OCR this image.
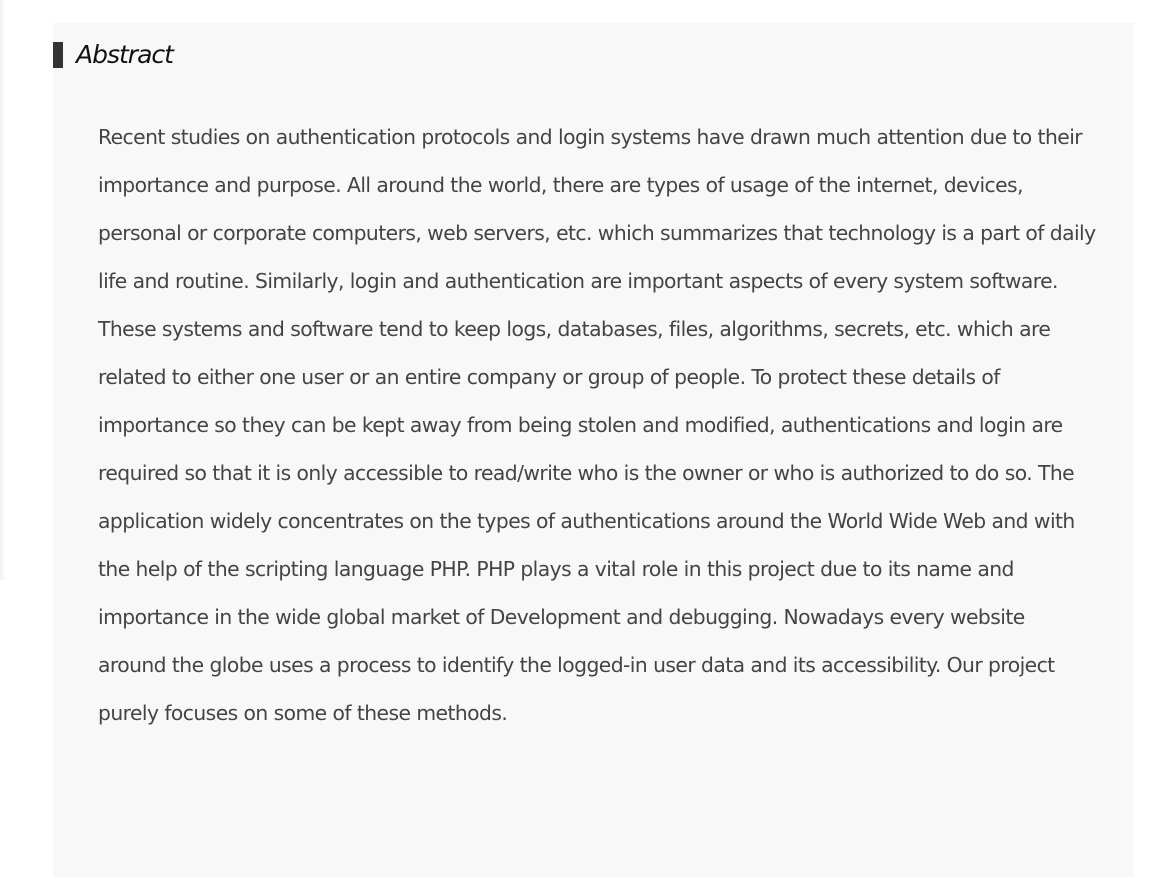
Abstract

Recent studies on authentication protocols and login systems have drawn much attention due to their importance and purpose. All around the world, there are types of usage of the internet, devices, personal or corporate computers, web servers, etc. which summarizes that technology is a part of daily life and routine. Similarly, login and authentication are important aspects of every system software. These systems and software tend to keep logs, databases, files, algorithms, secrets, etc. which are related to either one user or an entire company or group of people. To protect these details of importance so they can be kept away from being stolen and modified, authentications and login are required so that it is only accessible to read/write who is the owner or who is authorized to do so. The application widely concentrates on the types of authentications around the World Wide Web and with the help of the scripting language PHP. PHP plays a vital role in this project due to its name and importance in the wide global market of Development and debugging. Nowadays every website around the globe uses a process to identify the logged-in user data and its accessibility. Our project purely focuses on some of these methods.
